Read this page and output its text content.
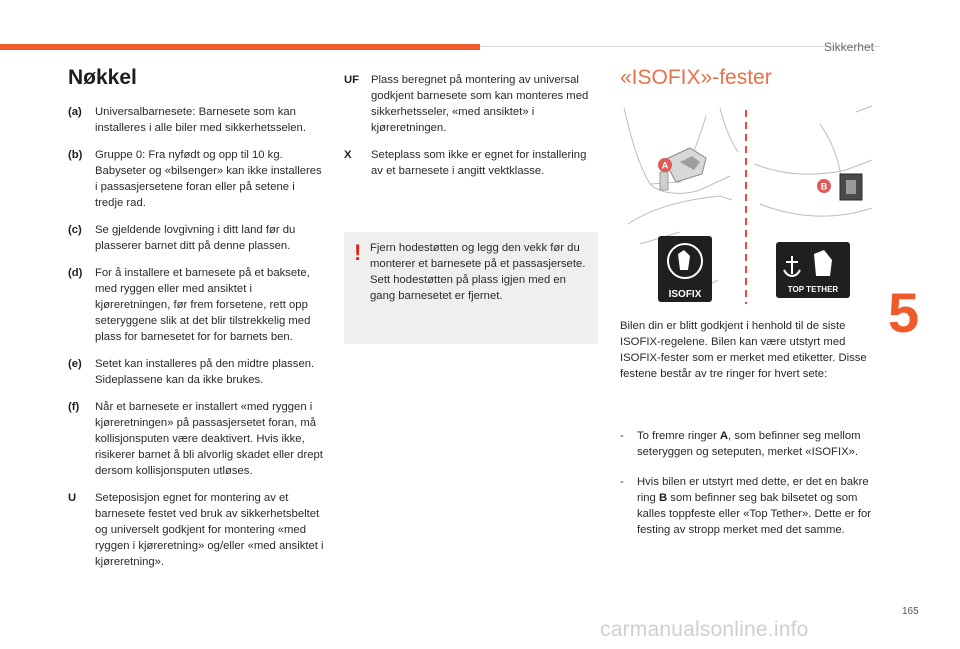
Sikkerhet
5
165
carmanualsonline.info
Nøkkel
(a)	Universalbarnesete: Barnesete som kan installeres i alle biler med sikkerhetsselen.
(b)	Gruppe 0: Fra nyfødt og opp til 10 kg. Babyseter og «bilsenger» kan ikke installeres i passasjersetene foran eller på setene i tredje rad.
(c)	Se gjeldende lovgivning i ditt land før du plasserer barnet ditt på denne plassen.
(d)	For å installere et barnesete på et baksete, med ryggen eller med ansiktet i kjøreretningen, før frem forsetene, rett opp seteryggene slik at det blir tilstrekkelig med plass for barnesetet for for barnets ben.
(e)	Setet kan installeres på den midtre plassen. Sideplassene kan da ikke brukes.
(f)	Når et barnesete er installert «med ryggen i kjøreretningen» på passasjersetet foran, må kollisjonsputen være deaktivert. Hvis ikke, risikerer barnet å bli alvorlig skadet eller drept dersom kollisjonsputen utløses.
U	Seteposisjon egnet for montering av et barnesete festet ved bruk av sikkerhetsbeltet og universelt godkjent for montering «med ryggen i kjøreretning» og/eller «med ansiktet i kjøreretning».
UF	Plass beregnet på montering av universal godkjent barnesete som kan monteres med sikkerhetsseler, «med ansiktet» i kjøreretningen.
X	Seteplass som ikke er egnet for installering av et barnesete i angitt vektklasse.
! Fjern hodestøtten og legg den vekk før du monterer et barnesete på et passasjersete. Sett hodestøtten på plass igjen med en gang barnesetet er fjernet.
«ISOFIX»-fester
A
B
ISOFIX	TOP TETHER
Bilen din er blitt godkjent i henhold til de siste ISOFIX-regelene. Bilen kan være utstyrt med ISOFIX-fester som er merket med etiketter. Disse festene består av tre ringer for hvert sete:
-	To fremre ringer A, som befinner seg mellom seteryggen og seteputen, merket «ISOFIX».
-	Hvis bilen er utstyrt med dette, er det en bakre ring B som befinner seg bak bilsetet og som kalles toppfeste eller «Top Tether». Dette er for festing av stropp merket med det samme.
